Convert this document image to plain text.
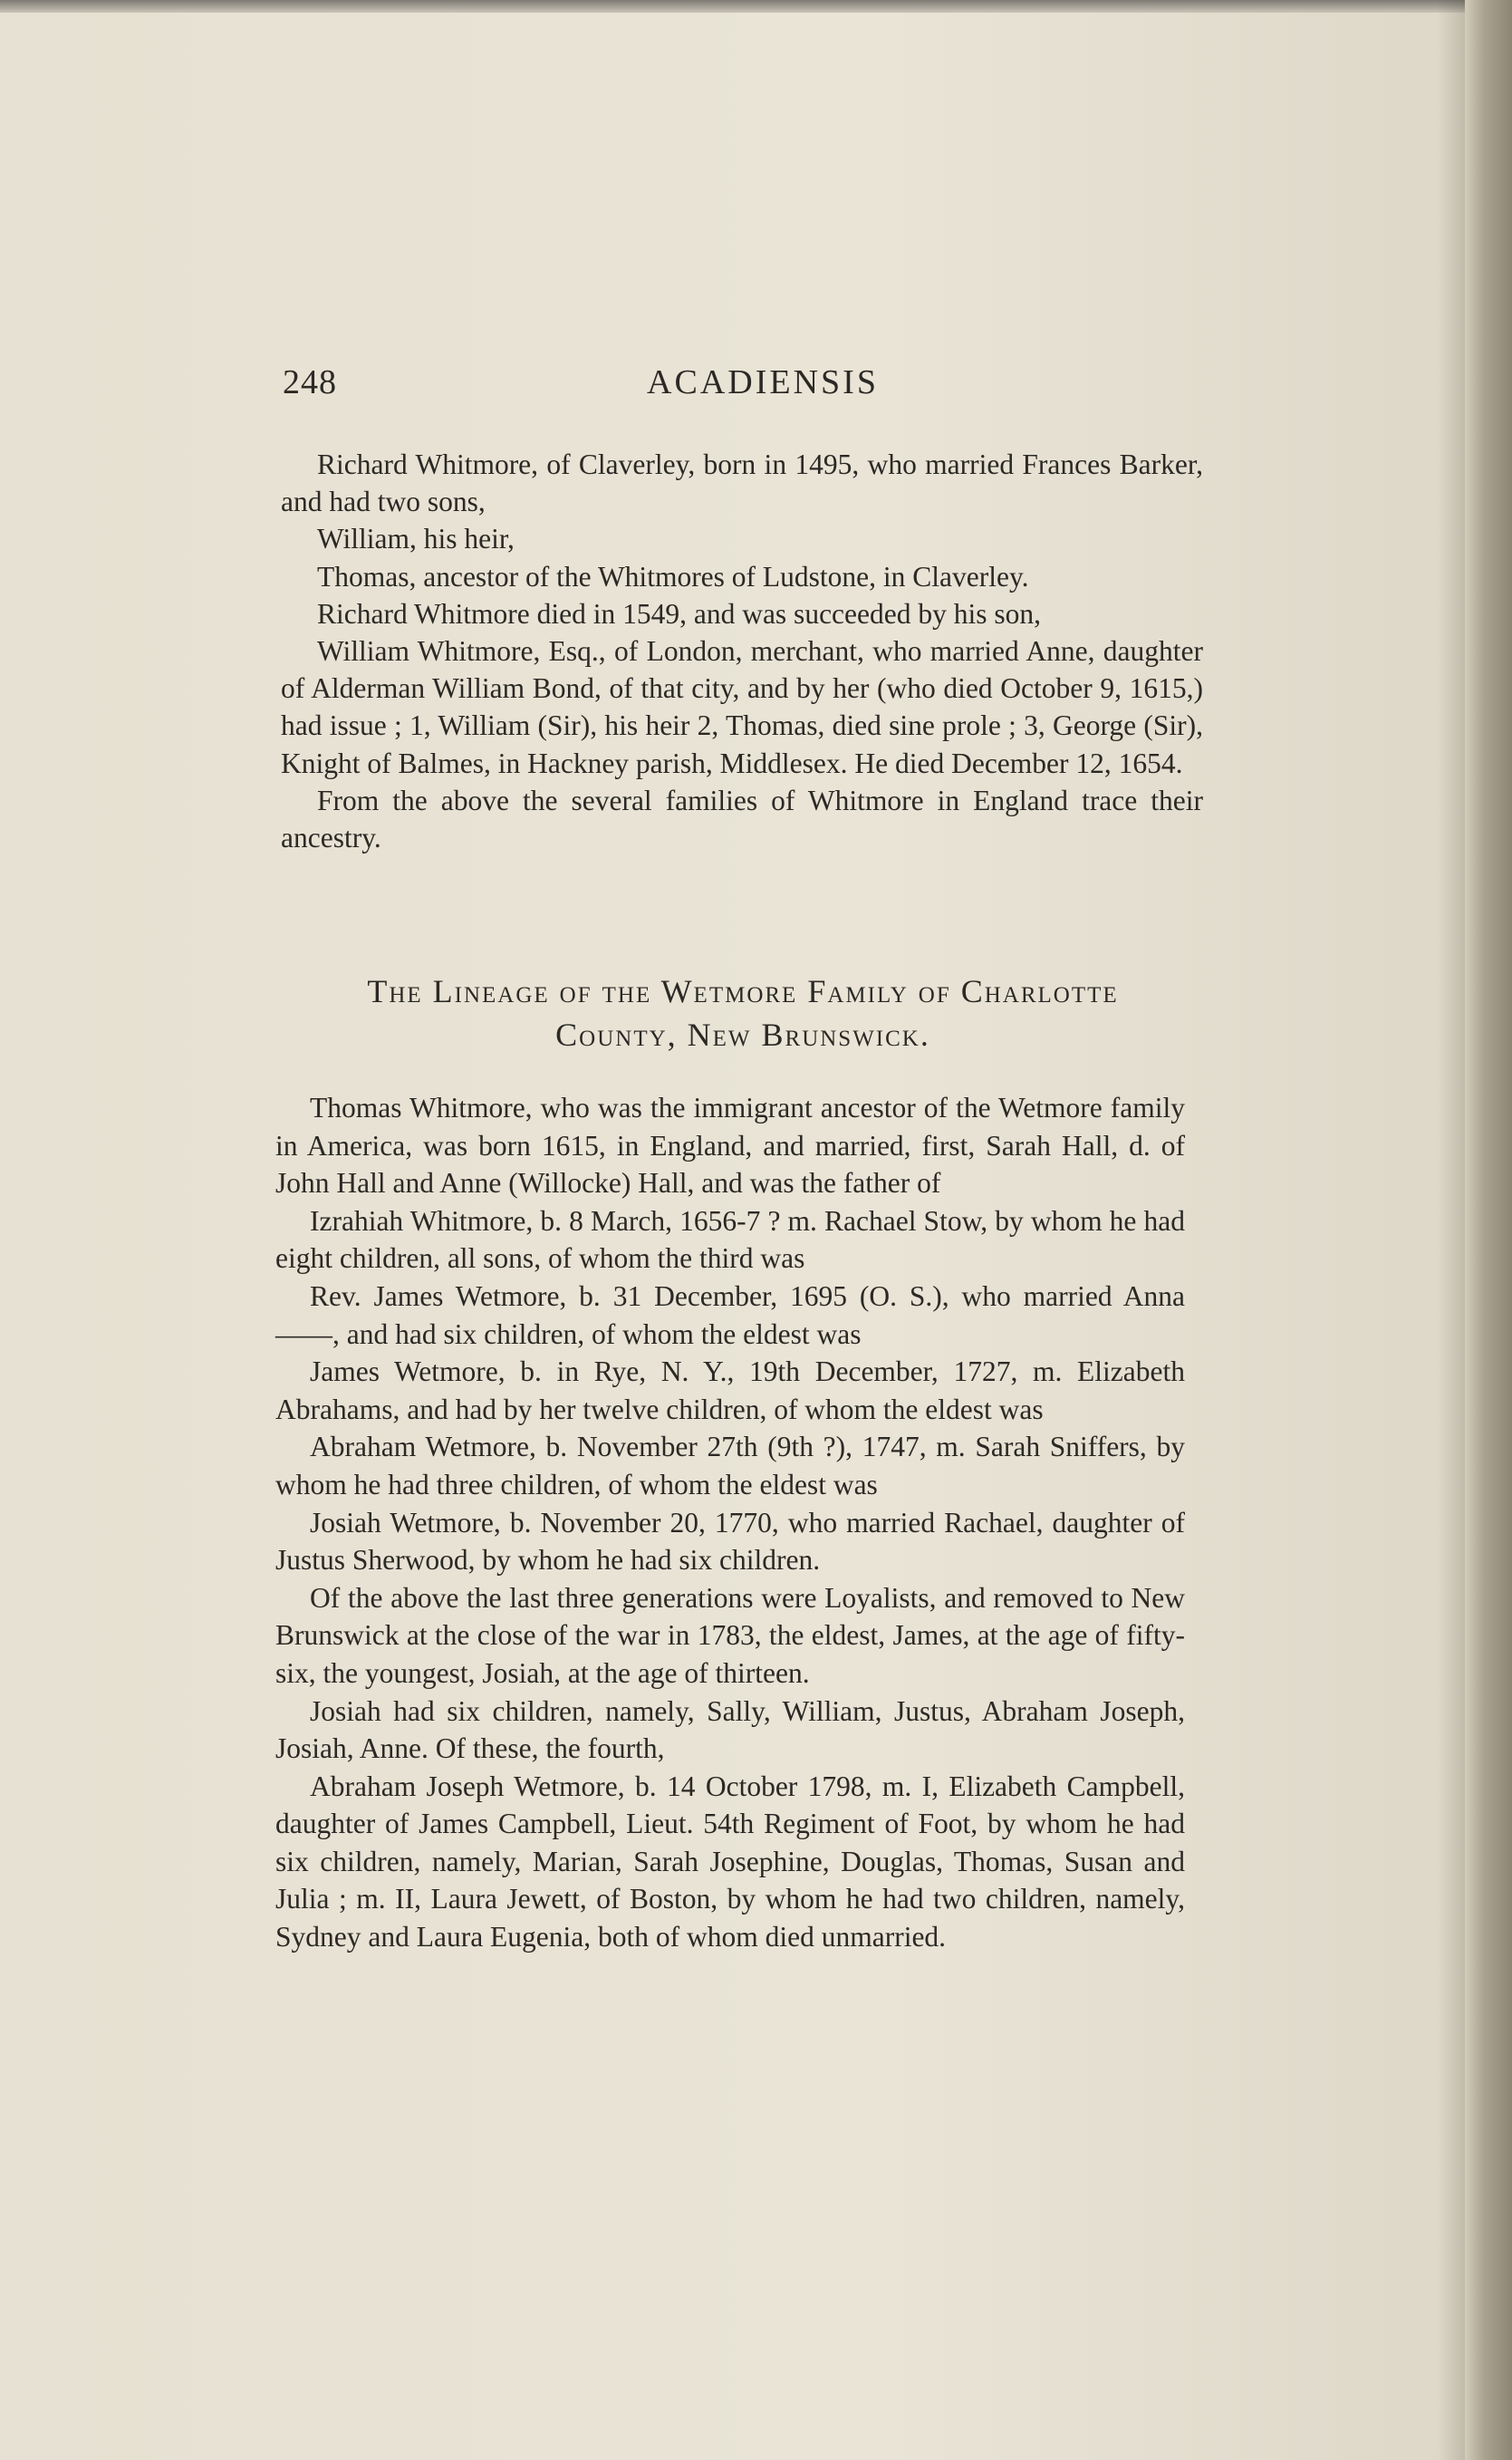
248	ACADIENSIS

Richard Whitmore, of Claverley, born in 1495, who married Frances Barker, and had two sons,

William, his heir,

Thomas, ancestor of the Whitmores of Ludstone, in Claverley.

Richard Whitmore died in 1549, and was succeeded by his son,

William Whitmore, Esq., of London, merchant, who married Anne, daughter of Alderman William Bond, of that city, and by her (who died October 9, 1615,) had issue ; 1, William (Sir), his heir 2, Thomas, died sine prole ; 3, George (Sir), Knight of Balmes, in Hackney parish, Middlesex. He died December 12, 1654.

From the above the several families of Whitmore in England trace their ancestry.

The Lineage of the Wetmore Family of Charlotte
County, New Brunswick.

Thomas Whitmore, who was the immigrant ancestor of the Wetmore family in America, was born 1615, in England, and married, first, Sarah Hall, d. of John Hall and Anne (Willocke) Hall, and was the father of

Izrahiah Whitmore, b. 8 March, 1656-7 ? m. Rachael Stow, by whom he had eight children, all sons, of whom the third was

Rev. James Wetmore, b. 31 December, 1695 (O. S.), who married Anna ——, and had six children, of whom the eldest was

James Wetmore, b. in Rye, N. Y., 19th December, 1727, m. Elizabeth Abrahams, and had by her twelve children, of whom the eldest was

Abraham Wetmore, b. November 27th (9th ?), 1747, m. Sarah Sniffers, by whom he had three children, of whom the eldest was

Josiah Wetmore, b. November 20, 1770, who married Rachael, daughter of Justus Sherwood, by whom he had six children.

Of the above the last three generations were Loyalists, and removed to New Brunswick at the close of the war in 1783, the eldest, James, at the age of fifty-six, the youngest, Josiah, at the age of thirteen.

Josiah had six children, namely, Sally, William, Justus, Abraham Joseph, Josiah, Anne. Of these, the fourth,

Abraham Joseph Wetmore, b. 14 October 1798, m. I, Elizabeth Campbell, daughter of James Campbell, Lieut. 54th Regiment of Foot, by whom he had six children, namely, Marian, Sarah Josephine, Douglas, Thomas, Susan and Julia ; m. II, Laura Jewett, of Boston, by whom he had two children, namely, Sydney and Laura Eugenia, both of whom died unmarried.
